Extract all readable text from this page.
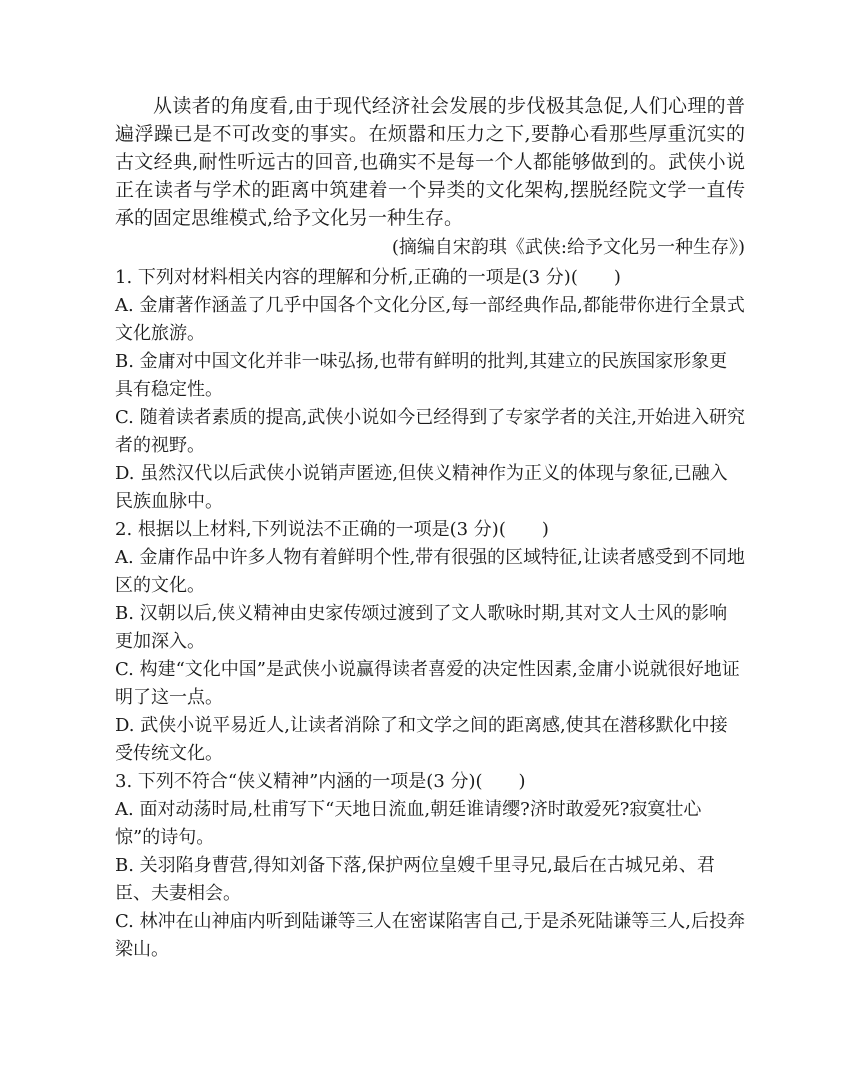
从读者的角度看,由于现代经济社会发展的步伐极其急促,人们心理的普遍浮躁已是不可改变的事实。在烦嚣和压力之下,要静心看那些厚重沉实的古文经典,耐性听远古的回音,也确实不是每一个人都能够做到的。武侠小说正在读者与学术的距离中筑建着一个异类的文化架构,摆脱经院文学一直传承的固定思维模式,给予文化另一种生存。

(摘编自宋韵琪《武侠:给予文化另一种生存》)

1. 下列对材料相关内容的理解和分析,正确的一项是(3 分)(　　)

A. 金庸著作涵盖了几乎中国各个文化分区,每一部经典作品,都能带你进行全景式文化旅游。

B. 金庸对中国文化并非一味弘扬,也带有鲜明的批判,其建立的民族国家形象更具有稳定性。

C. 随着读者素质的提高,武侠小说如今已经得到了专家学者的关注,开始进入研究者的视野。

D. 虽然汉代以后武侠小说销声匿迹,但侠义精神作为正义的体现与象征,已融入民族血脉中。

2. 根据以上材料,下列说法不正确的一项是(3 分)(　　)

A. 金庸作品中许多人物有着鲜明个性,带有很强的区域特征,让读者感受到不同地区的文化。

B. 汉朝以后,侠义精神由史家传颂过渡到了文人歌咏时期,其对文人士风的影响更加深入。

C. 构建“文化中国”是武侠小说赢得读者喜爱的决定性因素,金庸小说就很好地证明了这一点。

D. 武侠小说平易近人,让读者消除了和文学之间的距离感,使其在潜移默化中接受传统文化。

3. 下列不符合“侠义精神”内涵的一项是(3 分)(　　)

A. 面对动荡时局,杜甫写下“天地日流血,朝廷谁请缨?济时敢爱死?寂寞壮心惊”的诗句。

B. 关羽陷身曹营,得知刘备下落,保护两位皇嫂千里寻兄,最后在古城兄弟、君臣、夫妻相会。

C. 林冲在山神庙内听到陆谦等三人在密谋陷害自己,于是杀死陆谦等三人,后投奔梁山。
